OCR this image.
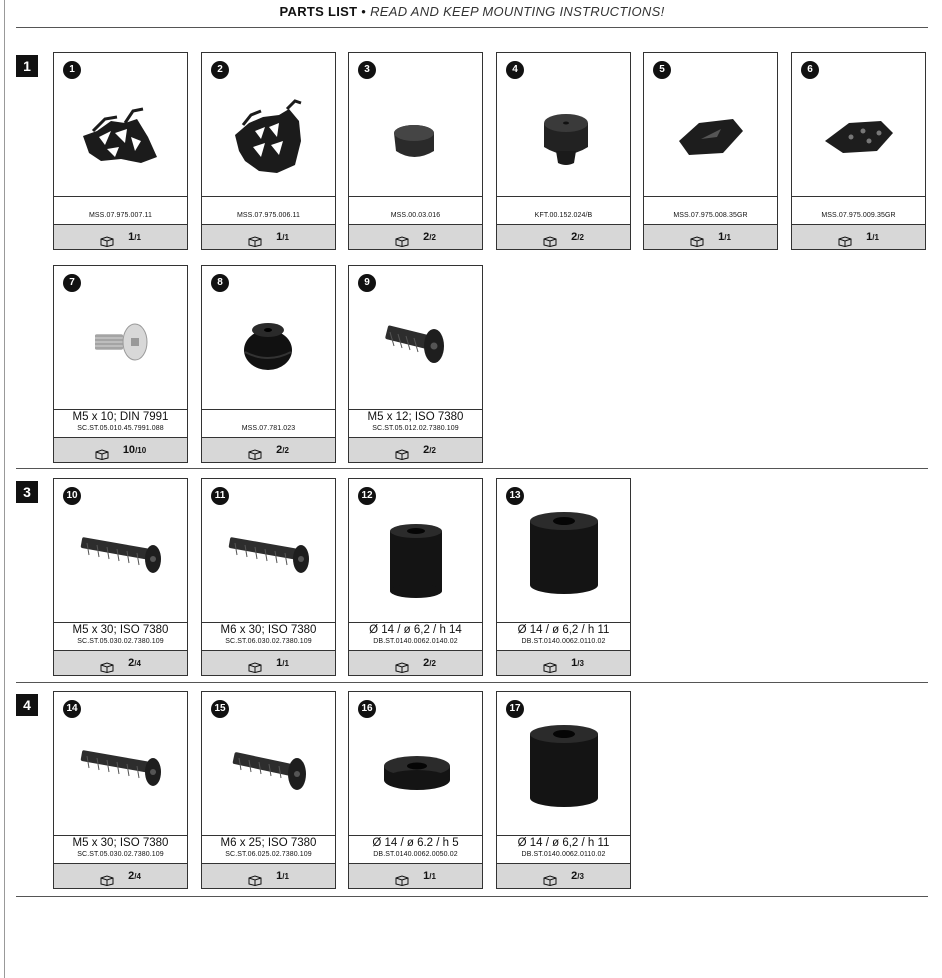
PARTS LIST • READ AND KEEP MOUNTING INSTRUCTIONS!
1
3
4
1
MSS.07.975.007.11
1/1
2
MSS.07.975.006.11
1/1
3
MSS.00.03.016
2/2
4
KFT.00.152.024/B
2/2
5
MSS.07.975.008.35GR
1/1
6
MSS.07.975.009.35GR
1/1
7
M5 x 10; DIN 7991
SC.ST.05.010.45.7991.088
10/10
8
MSS.07.781.023
2/2
9
M5 x 12; ISO 7380
SC.ST.05.012.02.7380.109
2/2
10
M5 x 30; ISO 7380
SC.ST.05.030.02.7380.109
2/4
11
M6 x 30; ISO 7380
SC.ST.06.030.02.7380.109
1/1
12
Ø 14 / ø 6,2 / h 14
DB.ST.0140.0062.0140.02
2/2
13
Ø 14 / ø 6,2 / h 11
DB.ST.0140.0062.0110.02
1/3
14
M5 x 30; ISO 7380
SC.ST.05.030.02.7380.109
2/4
15
M6 x 25; ISO 7380
SC.ST.06.025.02.7380.109
1/1
16
Ø 14 / ø 6.2 / h 5
DB.ST.0140.0062.0050.02
1/1
17
Ø 14 / ø 6,2 / h 11
DB.ST.0140.0062.0110.02
2/3
